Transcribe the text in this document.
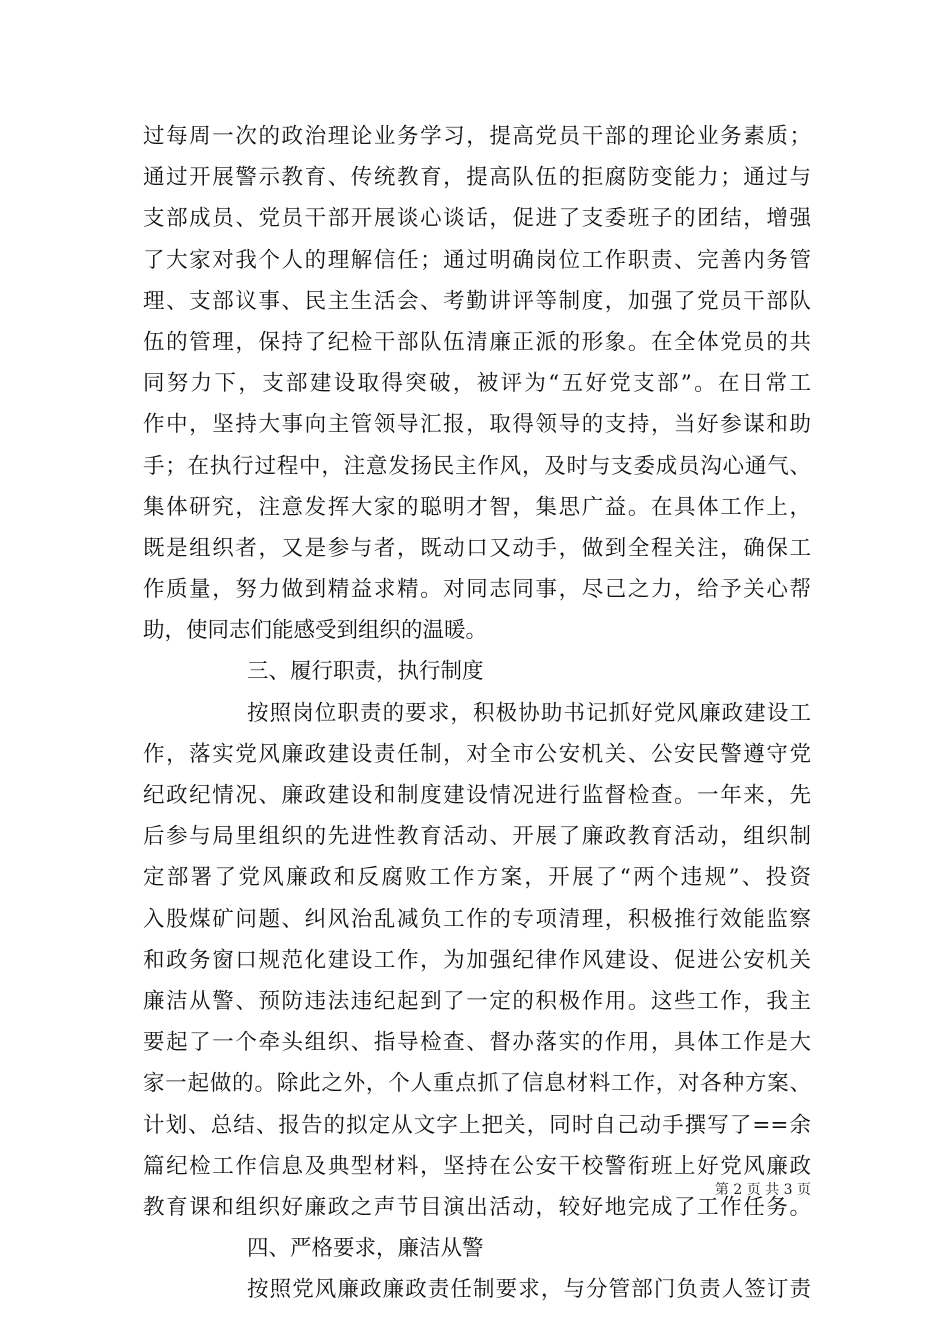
过每周一次的政治理论业务学习，提高党员干部的理论业务素质；
通过开展警示教育、传统教育，提高队伍的拒腐防变能力；通过与
支部成员、党员干部开展谈心谈话，促进了支委班子的团结，增强
了大家对我个人的理解信任；通过明确岗位工作职责、完善内务管
理、支部议事、民主生活会、考勤讲评等制度，加强了党员干部队
伍的管理，保持了纪检干部队伍清廉正派的形象。在全体党员的共
同努力下，支部建设取得突破，被评为“五好党支部”。在日常工
作中，坚持大事向主管领导汇报，取得领导的支持，当好参谋和助
手；在执行过程中，注意发扬民主作风，及时与支委成员沟心通气、
集体研究，注意发挥大家的聪明才智，集思广益。在具体工作上，
既是组织者，又是参与者，既动口又动手，做到全程关注，确保工
作质量，努力做到精益求精。对同志同事，尽己之力，给予关心帮
助，使同志们能感受到组织的温暖。
三、履行职责，执行制度
按照岗位职责的要求，积极协助书记抓好党风廉政建设工
作，落实党风廉政建设责任制，对全市公安机关、公安民警遵守党
纪政纪情况、廉政建设和制度建设情况进行监督检查。一年来，先
后参与局里组织的先进性教育活动、开展了廉政教育活动，组织制
定部署了党风廉政和反腐败工作方案，开展了“两个违规”、投资
入股煤矿问题、纠风治乱减负工作的专项清理，积极推行效能监察
和政务窗口规范化建设工作，为加强纪律作风建设、促进公安机关
廉洁从警、预防违法违纪起到了一定的积极作用。这些工作，我主
要起了一个牵头组织、指导检查、督办落实的作用，具体工作是大
家一起做的。除此之外，个人重点抓了信息材料工作，对各种方案、
计划、总结、报告的拟定从文字上把关，同时自己动手撰写了==余
篇纪检工作信息及典型材料，坚持在公安干校警衔班上好党风廉政
教育课和组织好廉政之声节目演出活动，较好地完成了工作任务。
四、严格要求，廉洁从警
按照党风廉政廉政责任制要求，与分管部门负责人签订责
第 2 页 共 3 页
